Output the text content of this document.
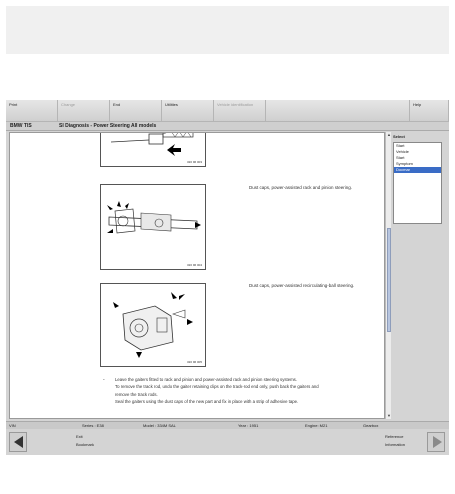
Print	Change	End	Utilities	Vehicle identification	Help
BMW TIS	SI Diagnosis - Power Steering All models
320 96 003
320 96 004
Dust caps, power-assisted rack and pinion steering.
320 96 005
Dust caps, power-assisted recirculating-ball steering.
- Leave the gaiters fitted to rack and pinion and power-assisted rack and pinion steering systems.
To remove the track rod, undo the gaiter retaining clips on the track-rod end only, push back the gaiters and
remove the track rods.
Seal the gaiters using the dust caps of the new part and fix in place with a strip of adhesive tape.
▲
▼
Select
Start
Vehicle
Start
Symptom
Docmar
VIN	Series : E38	Model : 334M SAL	Year : 1951	Engine: M21	Gearbox
Exit
Bookmark
Reference
Information
